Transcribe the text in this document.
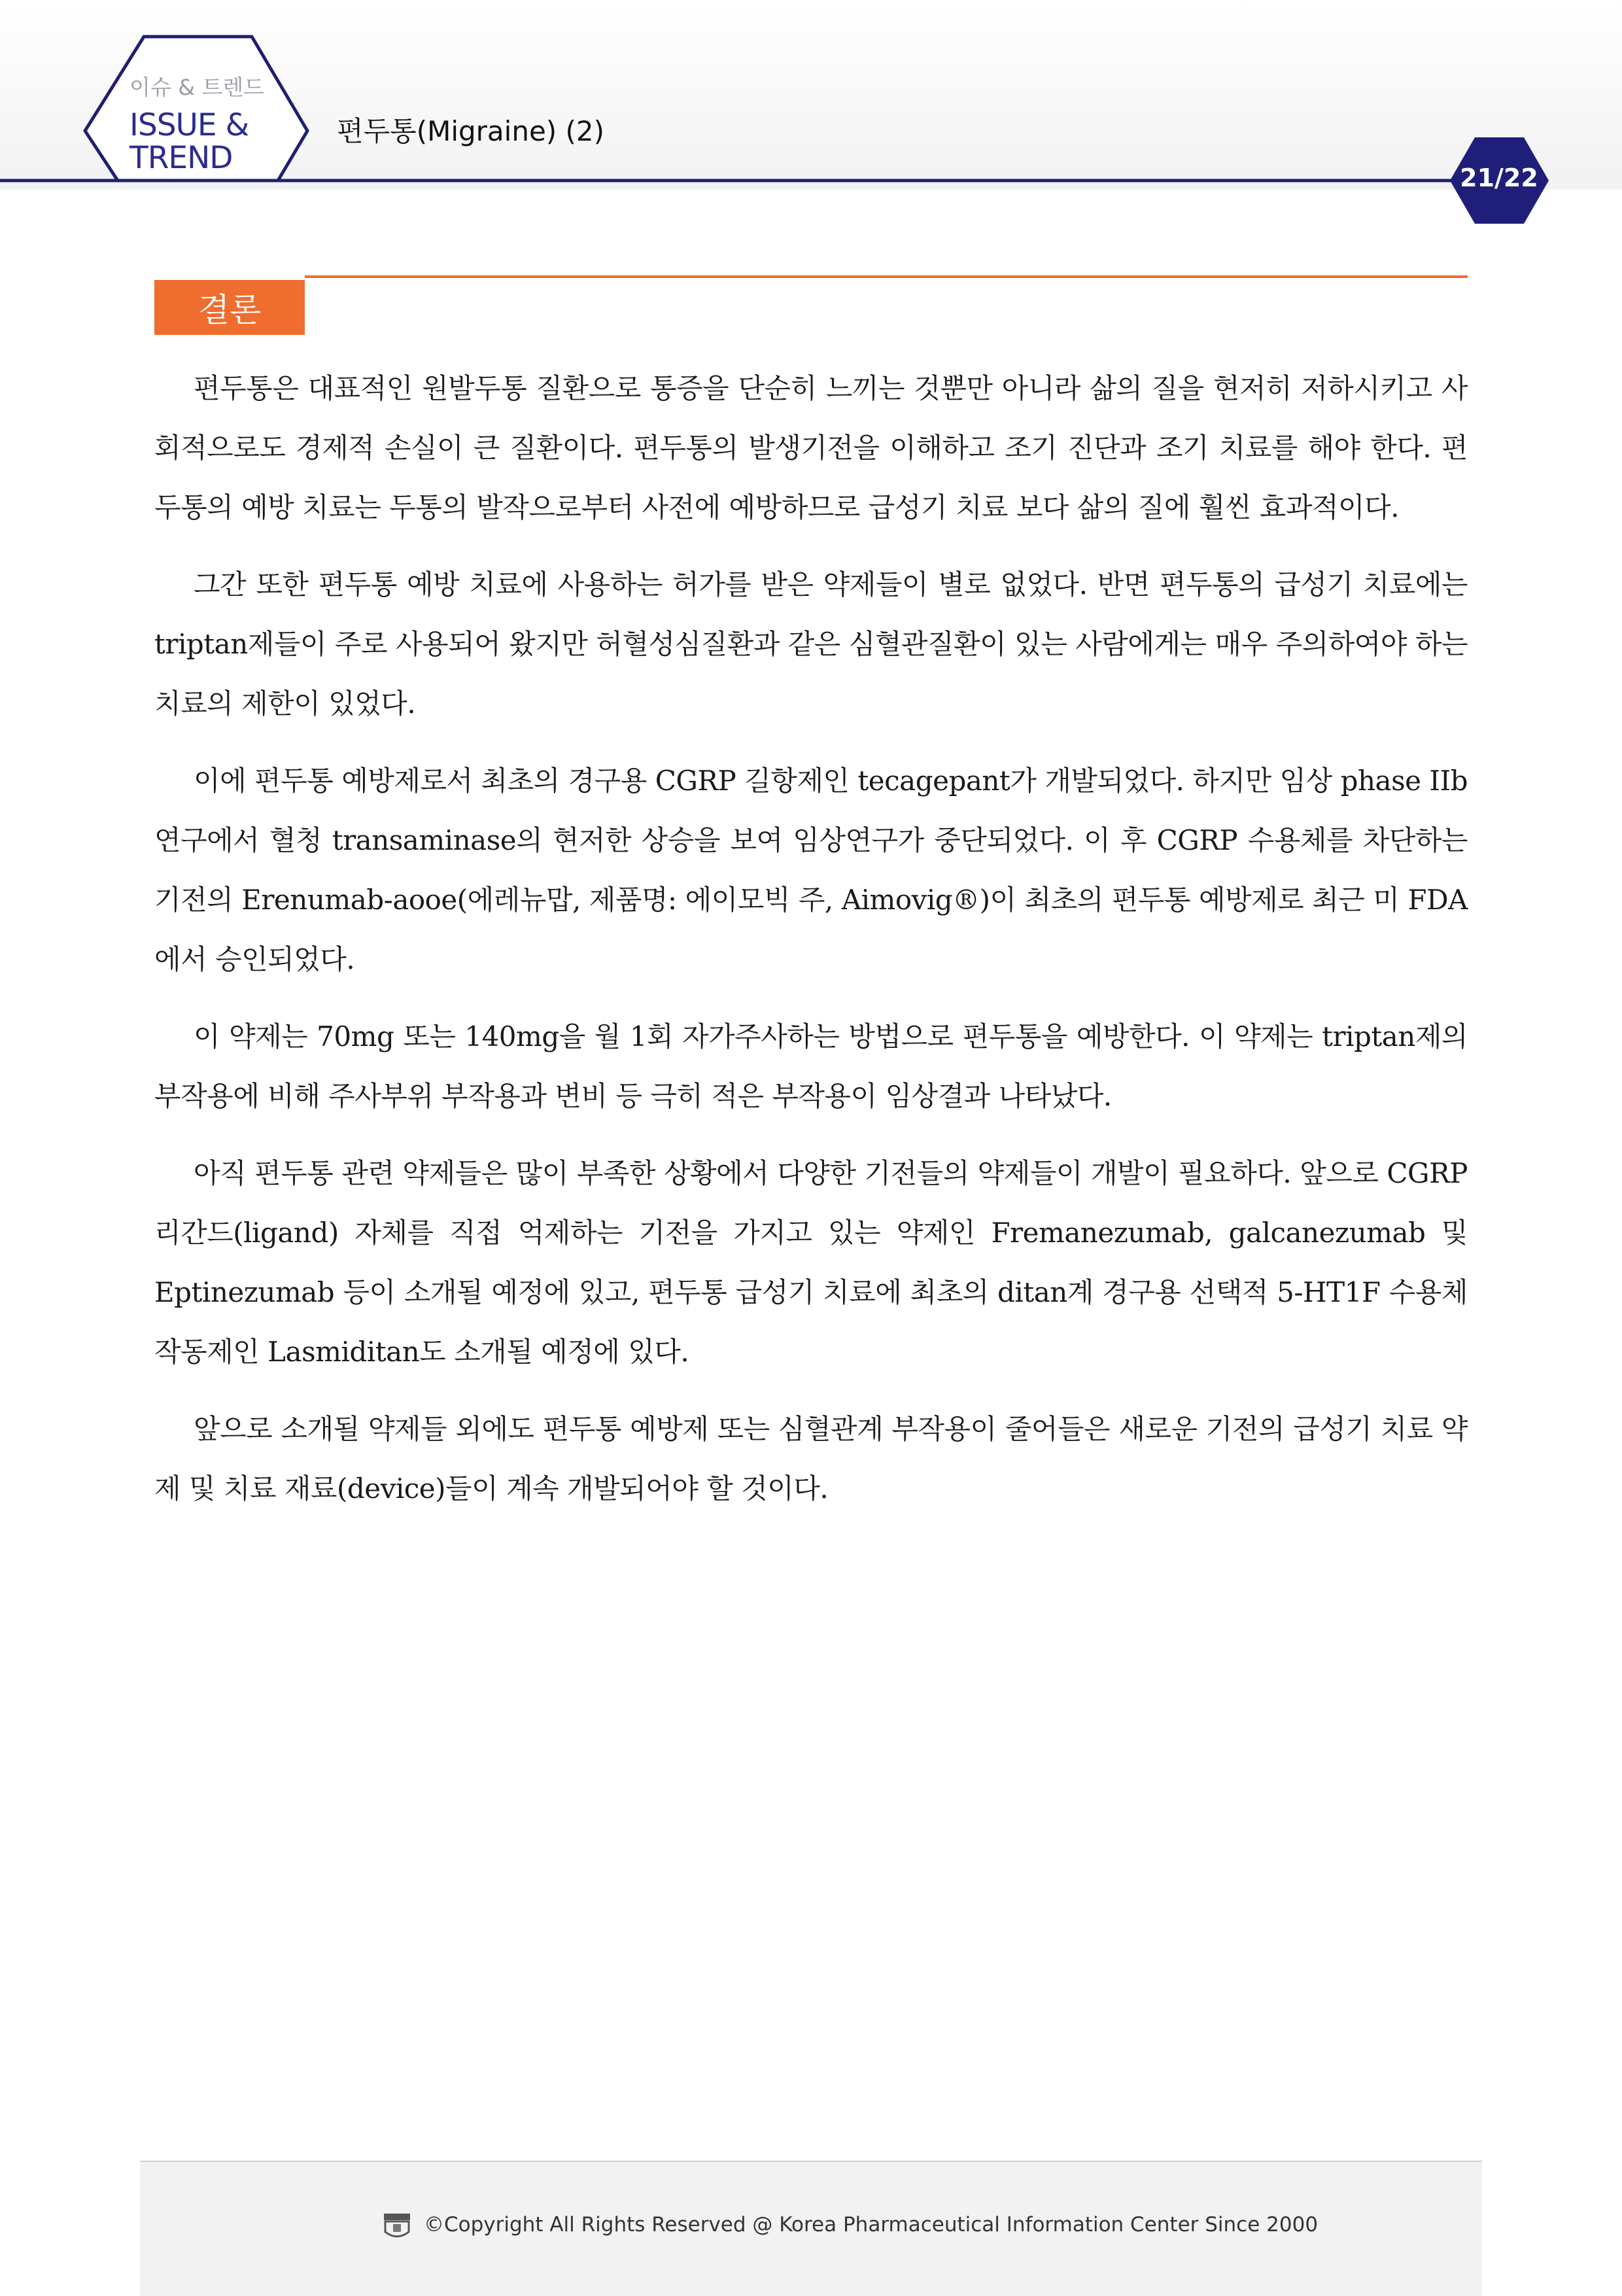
이슈 & 트렌드
ISSUE &
TREND
편두통(Migraine) (2)
21/22
결론

편두통은 대표적인 원발두통 질환으로 통증을 단순히 느끼는 것뿐만 아니라 삶의 질을 현저히 저하시키고 사회적으로도 경제적 손실이 큰 질환이다. 편두통의 발생기전을 이해하고 조기 진단과 조기 치료를 해야 한다. 편두통의 예방 치료는 두통의 발작으로부터 사전에 예방하므로 급성기 치료 보다 삶의 질에 훨씬 효과적이다.

그간 또한 편두통 예방 치료에 사용하는 허가를 받은 약제들이 별로 없었다. 반면 편두통의 급성기 치료에는 triptan제들이 주로 사용되어 왔지만 허혈성심질환과 같은 심혈관질환이 있는 사람에게는 매우 주의하여야 하는 치료의 제한이 있었다.

이에 편두통 예방제로서 최초의 경구용 CGRP 길항제인 tecagepant가 개발되었다. 하지만 임상 phase IIb 연구에서 혈청 transaminase의 현저한 상승을 보여 임상연구가 중단되었다. 이 후 CGRP 수용체를 차단하는 기전의 Erenumab-aooe(에레뉴맙, 제품명: 에이모빅 주, Aimovig®)이 최초의 편두통 예방제로 최근 미 FDA에서 승인되었다.

이 약제는 70mg 또는 140mg을 월 1회 자가주사하는 방법으로 편두통을 예방한다. 이 약제는 triptan제의 부작용에 비해 주사부위 부작용과 변비 등 극히 적은 부작용이 임상결과 나타났다.

아직 편두통 관련 약제들은 많이 부족한 상황에서 다양한 기전들의 약제들이 개발이 필요하다. 앞으로 CGRP 리간드(ligand) 자체를 직접 억제하는 기전을 가지고 있는 약제인 Fremanezumab, galcanezumab 및 Eptinezumab 등이 소개될 예정에 있고, 편두통 급성기 치료에 최초의 ditan계 경구용 선택적 5-HT1F 수용체 작동제인 Lasmiditan도 소개될 예정에 있다.

앞으로 소개될 약제들 외에도 편두통 예방제 또는 심혈관계 부작용이 줄어들은 새로운 기전의 급성기 치료 약제 및 치료 재료(device)들이 계속 개발되어야 할 것이다.

©Copyright All Rights Reserved @ Korea Pharmaceutical Information Center Since 2000
